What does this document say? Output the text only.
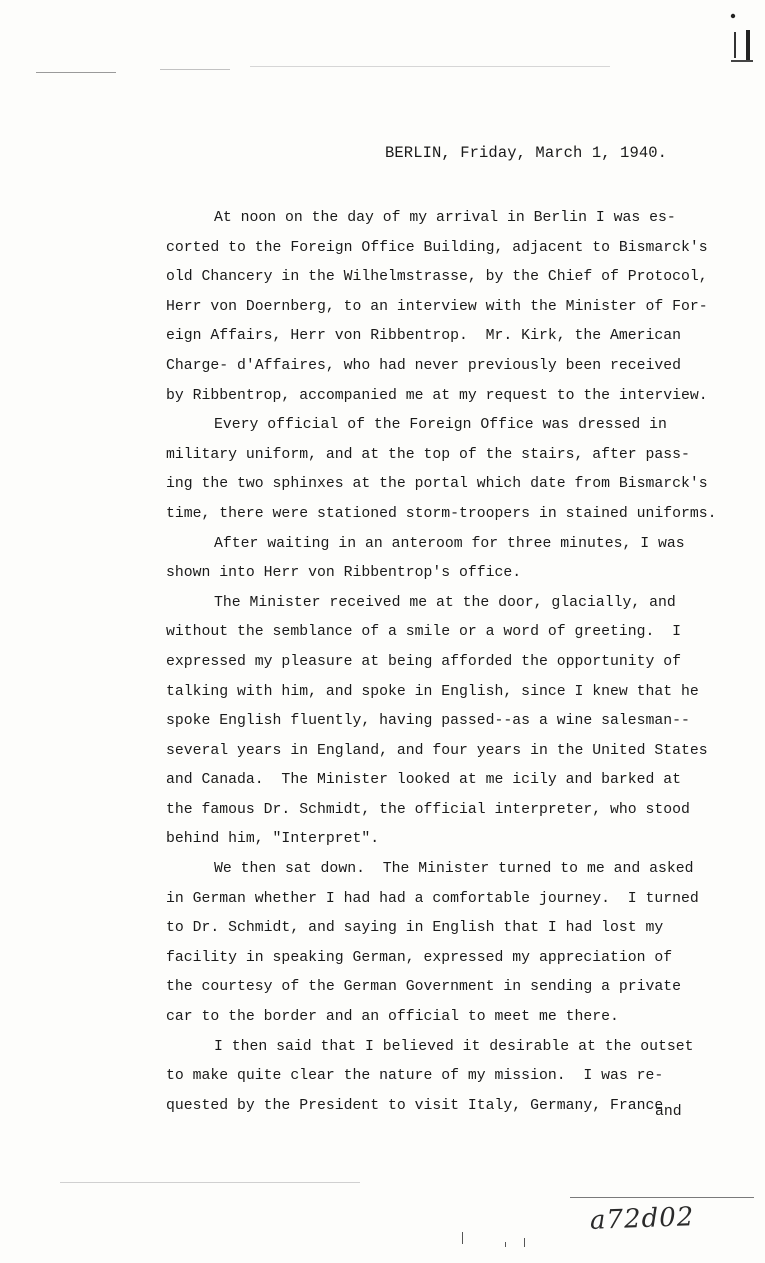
BERLIN, Friday, March 1, 1940.
At noon on the day of my arrival in Berlin I was es-
corted to the Foreign Office Building, adjacent to Bismarck's
old Chancery in the Wilhelmstrasse, by the Chief of Protocol,
Herr von Doernberg, to an interview with the Minister of For-
eign Affairs, Herr von Ribbentrop.  Mr. Kirk, the American
Charge- d'Affaires, who had never previously been received
by Ribbentrop, accompanied me at my request to the interview.
Every official of the Foreign Office was dressed in
military uniform, and at the top of the stairs, after pass-
ing the two sphinxes at the portal which date from Bismarck's
time, there were stationed storm-troopers in stained uniforms.
After waiting in an anteroom for three minutes, I was
shown into Herr von Ribbentrop's office.
The Minister received me at the door, glacially, and
without the semblance of a smile or a word of greeting.  I
expressed my pleasure at being afforded the opportunity of
talking with him, and spoke in English, since I knew that he
spoke English fluently, having passed--as a wine salesman--
several years in England, and four years in the United States
and Canada.  The Minister looked at me icily and barked at
the famous Dr. Schmidt, the official interpreter, who stood
behind him, "Interpret".
We then sat down.  The Minister turned to me and asked
in German whether I had had a comfortable journey.  I turned
to Dr. Schmidt, and saying in English that I had lost my
facility in speaking German, expressed my appreciation of
the courtesy of the German Government in sending a private
car to the border and an official to meet me there.
I then said that I believed it desirable at the outset
to make quite clear the nature of my mission.  I was re-
quested by the President to visit Italy, Germany, France
and
a72d02
